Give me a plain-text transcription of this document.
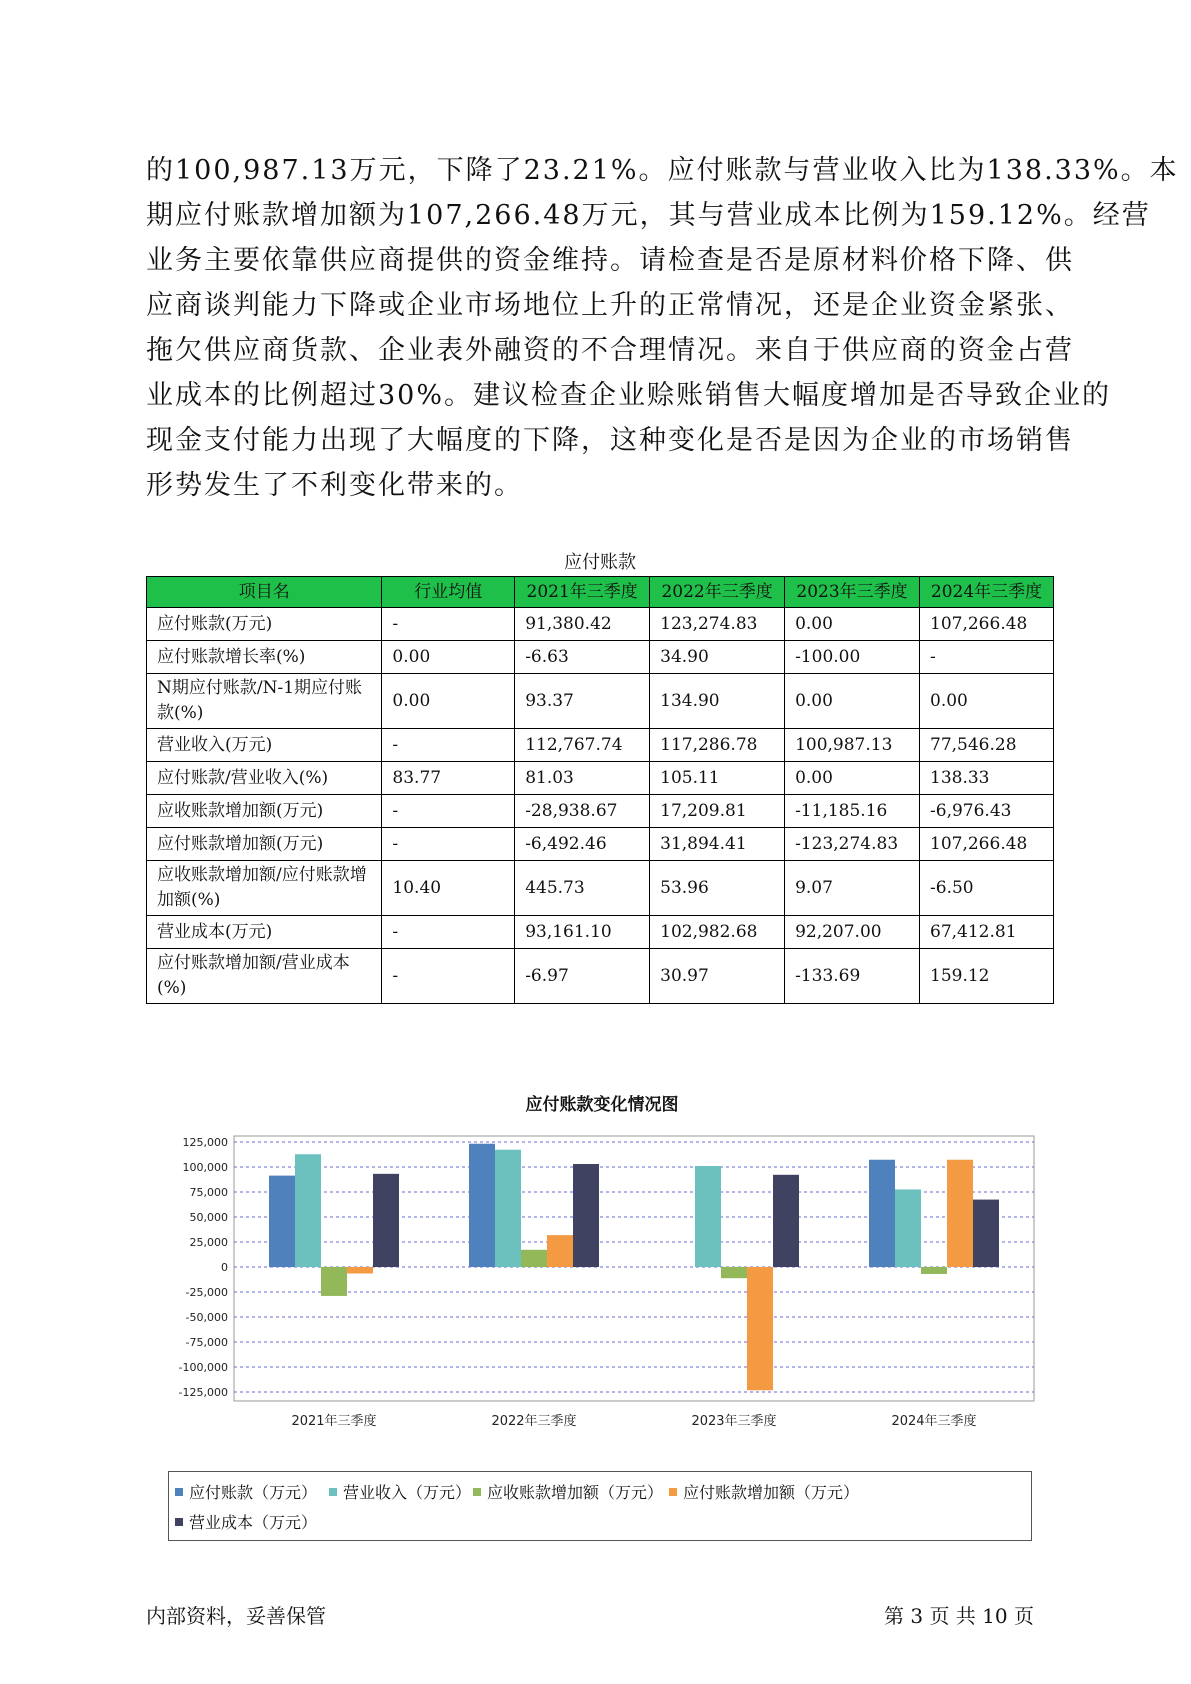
的100,987.13万元，下降了23.21%。应付账款与营业收入比为138.33%。本
期应付账款增加额为107,266.48万元，其与营业成本比例为159.12%。经营
业务主要依靠供应商提供的资金维持。请检查是否是原材料价格下降、供
应商谈判能力下降或企业市场地位上升的正常情况，还是企业资金紧张、
拖欠供应商货款、企业表外融资的不合理情况。来自于供应商的资金占营
业成本的比例超过30%。建议检查企业赊账销售大幅度增加是否导致企业的
现金支付能力出现了大幅度的下降，这种变化是否是因为企业的市场销售
形势发生了不利变化带来的。

应付账款
项目名	行业均值	2021年三季度	2022年三季度	2023年三季度	2024年三季度
应付账款(万元)	-	91,380.42	123,274.83	0.00	107,266.48
应付账款增长率(%)	0.00	-6.63	34.90	-100.00	-
N期应付账款/N-1期应付账款(%)	0.00	93.37	134.90	0.00	0.00
营业收入(万元)	-	112,767.74	117,286.78	100,987.13	77,546.28
应付账款/营业收入(%)	83.77	81.03	105.11	0.00	138.33
应收账款增加额(万元)	-	-28,938.67	17,209.81	-11,185.16	-6,976.43
应付账款增加额(万元)	-	-6,492.46	31,894.41	-123,274.83	107,266.48
应收账款增加额/应付账款增加额(%)	10.40	445.73	53.96	9.07	-6.50
营业成本(万元)	-	93,161.10	102,982.68	92,207.00	67,412.81
应付账款增加额/营业成本(%)	-	-6.97	30.97	-133.69	159.12
125,000
100,000
75,000
50,000
25,000
0
-25,000
-50,000
-75,000
-100,000
-125,000
2021年三季度	2022年三季度	2023年三季度	2024年三季度
应付账款变化情况图
应付账款（万元） 营业收入（万元） 应收账款增加额（万元） 应付账款增加额（万元）
营业成本（万元）
内部资料，妥善保管	第 3 页 共 10 页
